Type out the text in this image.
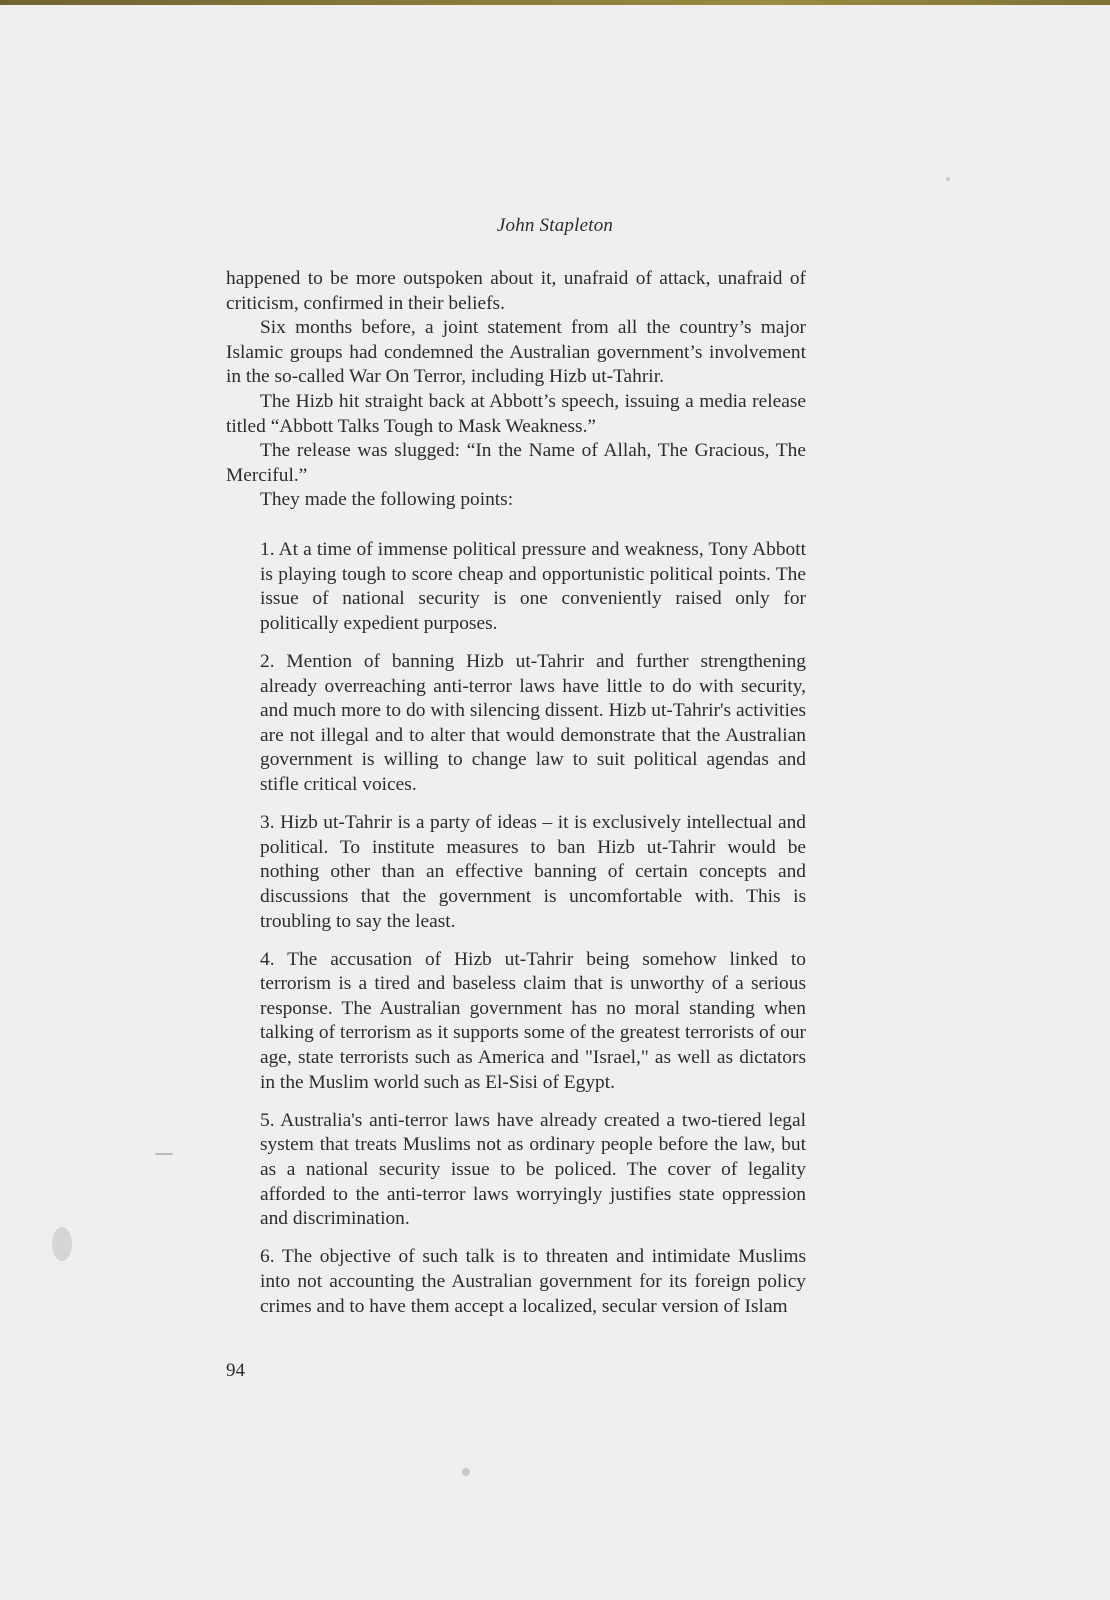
John Stapleton

happened to be more outspoken about it, unafraid of attack, unafraid of criticism, confirmed in their beliefs.

Six months before, a joint statement from all the country’s major Islamic groups had condemned the Australian government’s involvement in the so-called War On Terror, including Hizb ut-Tahrir.

The Hizb hit straight back at Abbott’s speech, issuing a media release titled “Abbott Talks Tough to Mask Weakness.”

The release was slugged: “In the Name of Allah, The Gracious, The Merciful.”

They made the following points:

1. At a time of immense political pressure and weakness, Tony Abbott is playing tough to score cheap and opportunistic political points. The issue of national security is one conveniently raised only for politically expedient purposes.

2. Mention of banning Hizb ut-Tahrir and further strengthening already overreaching anti-terror laws have little to do with security, and much more to do with silencing dissent. Hizb ut-Tahrir's activities are not illegal and to alter that would demonstrate that the Australian government is willing to change law to suit political agendas and stifle critical voices.

3. Hizb ut-Tahrir is a party of ideas – it is exclusively intellectual and political. To institute measures to ban Hizb ut-Tahrir would be nothing other than an effective banning of certain concepts and discussions that the government is uncomfortable with. This is troubling to say the least.

4. The accusation of Hizb ut-Tahrir being somehow linked to terrorism is a tired and baseless claim that is unworthy of a serious response. The Australian government has no moral standing when talking of terrorism as it supports some of the greatest terrorists of our age, state terrorists such as America and "Israel," as well as dictators in the Muslim world such as El-Sisi of Egypt.

5. Australia's anti-terror laws have already created a two-tiered legal system that treats Muslims not as ordinary people before the law, but as a national security issue to be policed. The cover of legality afforded to the anti-terror laws worryingly justifies state oppression and discrimination.

6. The objective of such talk is to threaten and intimidate Muslims into not accounting the Australian government for its foreign policy crimes and to have them accept a localized, secular version of Islam

94
